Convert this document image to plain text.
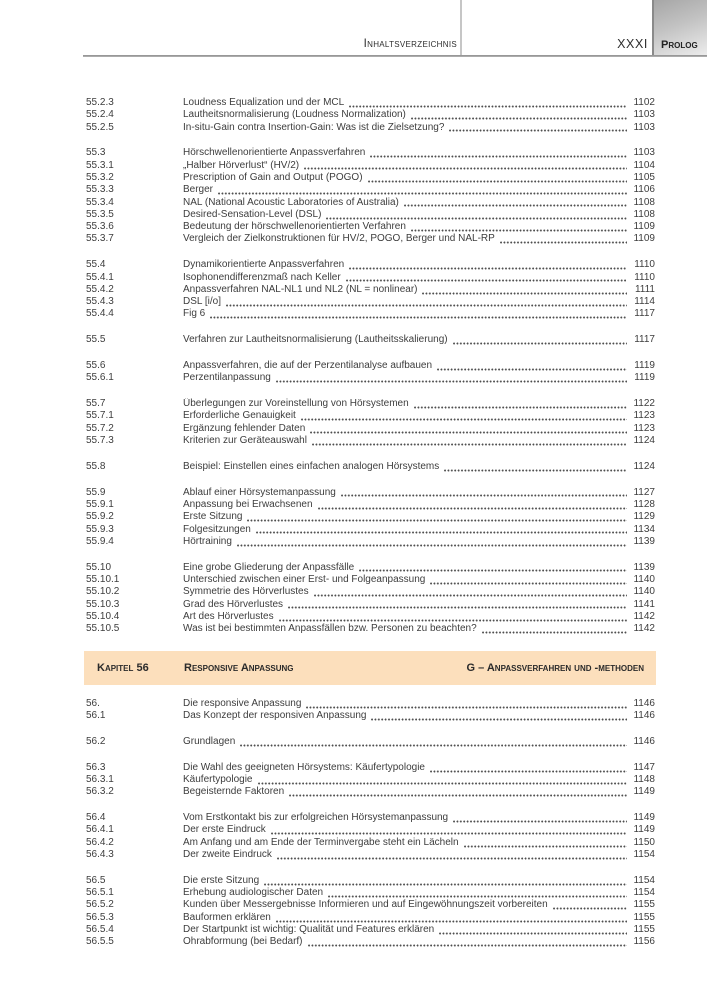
Inhaltsverzeichnis	XXXI Prolog
55.2.3	Loudness Equalization und der MCL	1102
55.2.4	Lautheitsnormalisierung (Loudness Normalization)	1103
55.2.5	In-situ-Gain contra Insertion-Gain: Was ist die Zielsetzung?	1103
55.3	Hörschwellenorientierte Anpassverfahren	1103
55.3.1	„Halber Hörverlust“ (HV/2)	1104
55.3.2	Prescription of Gain and Output (POGO)	1105
55.3.3	Berger	1106
55.3.4	NAL (National Acoustic Laboratories of Australia)	1108
55.3.5	Desired-Sensation-Level (DSL)	1108
55.3.6	Bedeutung der hörschwellenorientierten Verfahren	1109
55.3.7	Vergleich der Zielkonstruktionen für HV/2, POGO, Berger und NAL-RP	1109
55.4	Dynamikorientierte Anpassverfahren	1110
55.4.1	Isophonendifferenzmaß nach Keller	1110
55.4.2	Anpassverfahren NAL-NL1 und NL2 (NL = nonlinear)	1111
55.4.3	DSL [i/o]	1114
55.4.4	Fig 6	1117
55.5	Verfahren zur Lautheitsnormalisierung (Lautheitsskalierung)	1117
55.6	Anpassverfahren, die auf der Perzentilanalyse aufbauen	1119
55.6.1	Perzentilanpassung	1119
55.7	Überlegungen zur Voreinstellung von Hörsystemen	1122
55.7.1	Erforderliche Genauigkeit	1123
55.7.2	Ergänzung fehlender Daten	1123
55.7.3	Kriterien zur Geräteauswahl	1124
55.8	Beispiel: Einstellen eines einfachen analogen Hörsystems	1124
55.9	Ablauf einer Hörsystemanpassung	1127
55.9.1	Anpassung bei Erwachsenen	1128
55.9.2	Erste Sitzung	1129
55.9.3	Folgesitzungen	1134
55.9.4	Hörtraining	1139
55.10	Eine grobe Gliederung der Anpassfälle	1139
55.10.1	Unterschied zwischen einer Erst- und Folgeanpassung	1140
55.10.2	Symmetrie des Hörverlustes	1140
55.10.3	Grad des Hörverlustes	1141
55.10.4	Art des Hörverlustes	1142
55.10.5	Was ist bei bestimmten Anpassfällen bzw. Personen zu beachten?	1142
Kapitel 56	Responsive Anpassung	G – Anpassverfahren und -methoden
56.	Die responsive Anpassung	1146
56.1	Das Konzept der responsiven Anpassung	1146
56.2	Grundlagen	1146
56.3	Die Wahl des geeigneten Hörsystems: Käufertypologie	1147
56.3.1	Käufertypologie	1148
56.3.2	Begeisternde Faktoren	1149
56.4	Vom Erstkontakt bis zur erfolgreichen Hörsystemanpassung	1149
56.4.1	Der erste Eindruck	1149
56.4.2	Am Anfang und am Ende der Terminvergabe steht ein Lächeln	1150
56.4.3	Der zweite Eindruck	1154
56.5	Die erste Sitzung	1154
56.5.1	Erhebung audiologischer Daten	1154
56.5.2	Kunden über Messergebnisse Informieren und auf Eingewöhnungszeit vorbereiten	1155
56.5.3	Bauformen erklären	1155
56.5.4	Der Startpunkt ist wichtig: Qualität und Features erklären	1155
56.5.5	Ohrabformung (bei Bedarf)	1156
